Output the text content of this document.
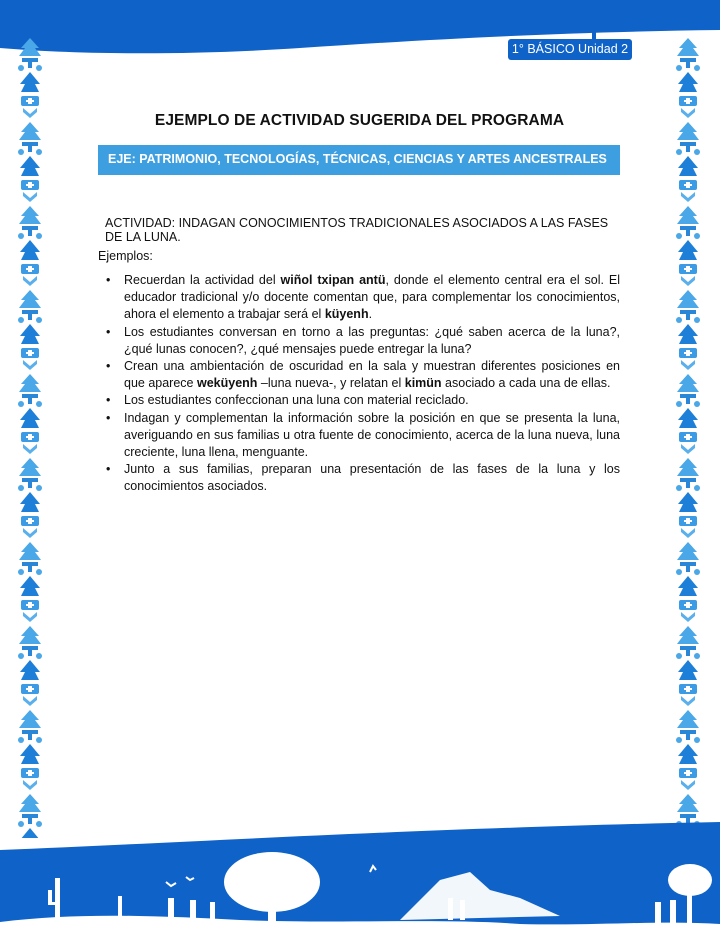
1° BÁSICO Unidad 2
EJEMPLO DE ACTIVIDAD SUGERIDA DEL PROGRAMA
EJE: PATRIMONIO, TECNOLOGÍAS, TÉCNICAS, CIENCIAS Y ARTES ANCESTRALES
ACTIVIDAD: INDAGAN CONOCIMIENTOS TRADICIONALES ASOCIADOS A LAS FASES DE LA LUNA.
Ejemplos:
• Recuerdan la actividad del wiñol txipan antü, donde el elemento central era el sol. El educador tradicional y/o docente comentan que, para complementar los conocimientos, ahora el elemento a trabajar será el küyenh.
• Los estudiantes conversan en torno a las preguntas: ¿qué saben acerca de la luna?, ¿qué lunas conocen?, ¿qué mensajes puede entregar la luna?
• Crean una ambientación de oscuridad en la sala y muestran diferentes posiciones en que aparece weküyenh –luna nueva-, y relatan el kimün asociado a cada una de ellas.
• Los estudiantes confeccionan una luna con material reciclado.
• Indagan y complementan la información sobre la posición en que se presenta la luna, averiguando en sus familias u otra fuente de conocimiento, acerca de la luna nueva, luna creciente, luna llena, menguante.
• Junto a sus familias, preparan una presentación de las fases de la luna y los conocimientos asociados.
